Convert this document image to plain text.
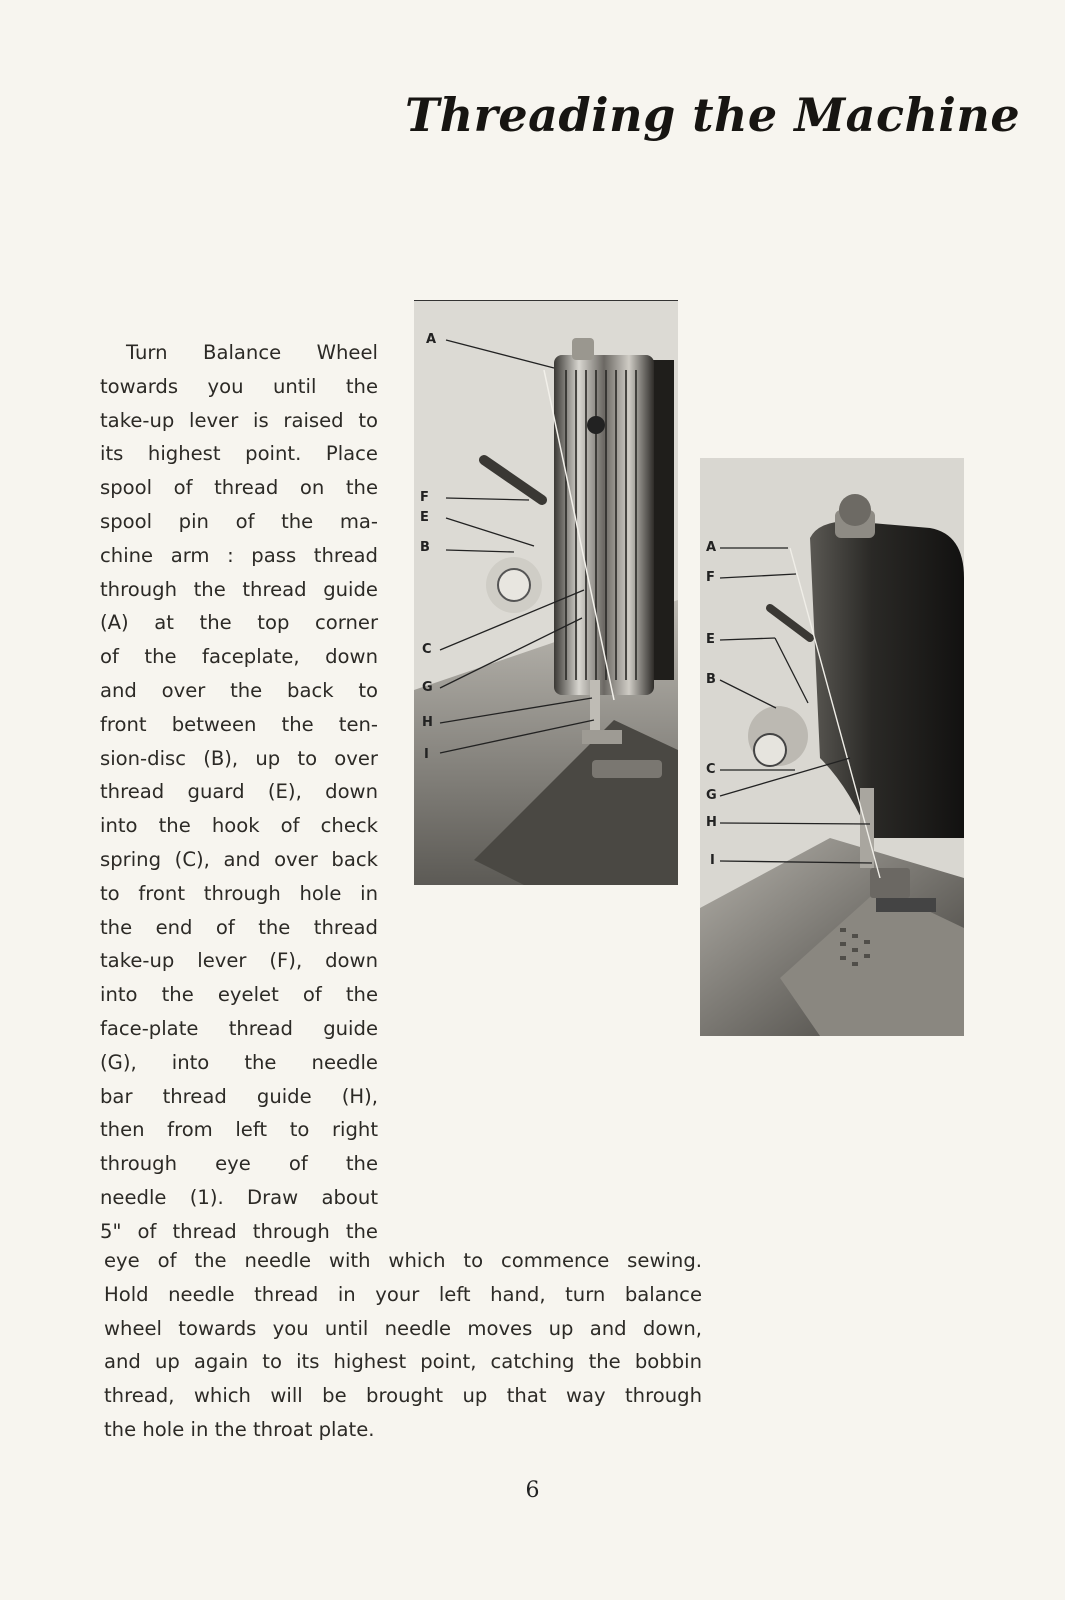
Threading the Machine
Turn Balance Wheel
towards you until the
take-up lever is raised to
its highest point. Place
spool of thread on the
spool pin of the ma-
chine arm : pass thread
through the thread guide
(A) at the top corner
of the faceplate, down
and over the back to
front between the ten-
sion-disc (B), up to over
thread guard (E), down
into the hook of check
spring (C), and over back
to front through hole in
the end of the thread
take-up lever (F), down
into the eyelet of the
face-plate thread guide
(G), into the needle
bar thread guide (H),
then from left to right
through eye of the
needle (1). Draw about
5" of thread through the
eye of the needle with which to commence sewing.
Hold needle thread in your left hand, turn balance
wheel towards you until needle moves up and down,
and up again to its highest point, catching the bobbin
thread, which will be brought up that way through
the hole in the throat plate.
A
F
E
B
C
G
H
I
A
F
E
B
C
G
H
I
6
